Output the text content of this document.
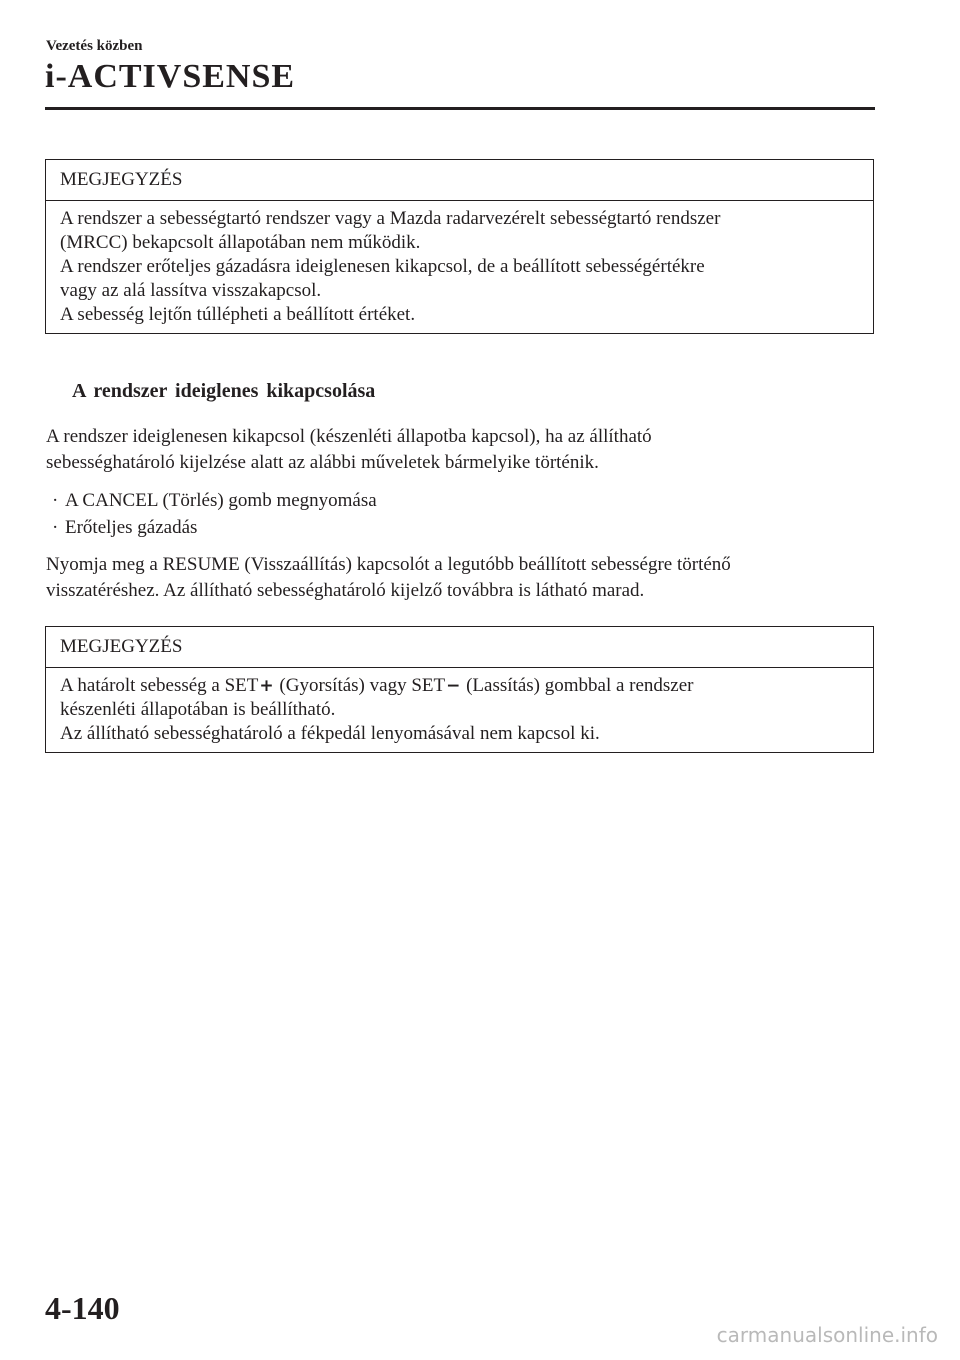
Vezetés közben
i-ACTIVSENSE
MEGJEGYZÉS
A rendszer a sebességtartó rendszer vagy a Mazda radarvezérelt sebességtartó rendszer
(MRCC) bekapcsolt állapotában nem működik.
A rendszer erőteljes gázadásra ideiglenesen kikapcsol, de a beállított sebességértékre
vagy az alá lassítva visszakapcsol.
A sebesség lejtőn túllépheti a beállított értéket.
A rendszer ideiglenes kikapcsolása
A rendszer ideiglenesen kikapcsol (készenléti állapotba kapcsol), ha az állítható
sebességhatároló kijelzése alatt az alábbi műveletek bármelyike történik.
· A CANCEL (Törlés) gomb megnyomása
· Erőteljes gázadás
Nyomja meg a RESUME (Visszaállítás) kapcsolót a legutóbb beállított sebességre történő
visszatéréshez. Az állítható sebességhatároló kijelző továbbra is látható marad.
MEGJEGYZÉS
A határolt sebesség a SET+ (Gyorsítás) vagy SET− (Lassítás) gombbal a rendszer
készenléti állapotában is beállítható.
Az állítható sebességhatároló a fékpedál lenyomásával nem kapcsol ki.
4-140
carmanualsonline.info
